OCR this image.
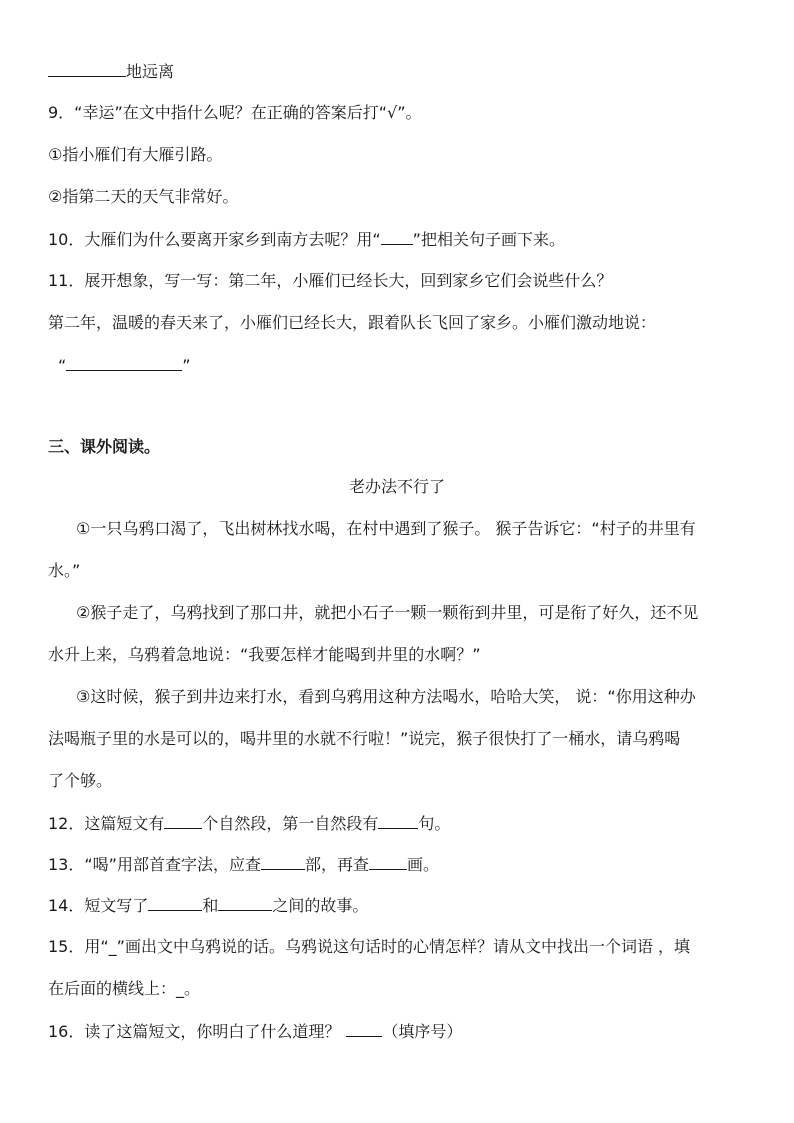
地远离
9．“幸运”在文中指什么呢？在正确的答案后打“√”。
①指小雁们有大雁引路。
②指第二天的天气非常好。
10．大雁们为什么要离开家乡到南方去呢？用“ ”把相关句子画下来。
11．展开想象，写一写：第二年，小雁们已经长大，回到家乡它们会说些什么？
第二年，温暖的春天来了，小雁们已经长大，跟着队长飞回了家乡。小雁们激动地说：
“	”
三、课外阅读。
老办法不行了
①一只乌鸦口渴了，飞出树林找水喝，在村中遇到了猴子。 猴子告诉它：“村子的井里有
水。”
②猴子走了，乌鸦找到了那口井，就把小石子一颗一颗衔到井里，可是衔了好久，还不见
水升上来，乌鸦着急地说：“我要怎样才能喝到井里的水啊？”
③这时候，猴子到井边来打水，看到乌鸦用这种方法喝水，哈哈大笑， 说：“你用这种办
法喝瓶子里的水是可以的，喝井里的水就不行啦！”说完，猴子很快打了一桶水，请乌鸦喝
了个够。
12．这篇短文有 个自然段，第一自然段有	句。
13．“喝”用部首查字法，应查	部，再查 画。
14．短文写了	和	之间的故事。
15．用“_”画出文中乌鸦说的话。乌鸦说这句话时的心情怎样？请从文中找出一个词语 ，填
在后面的横线上：_。
16．读了这篇短文，你明白了什么道理？	（填序号）
